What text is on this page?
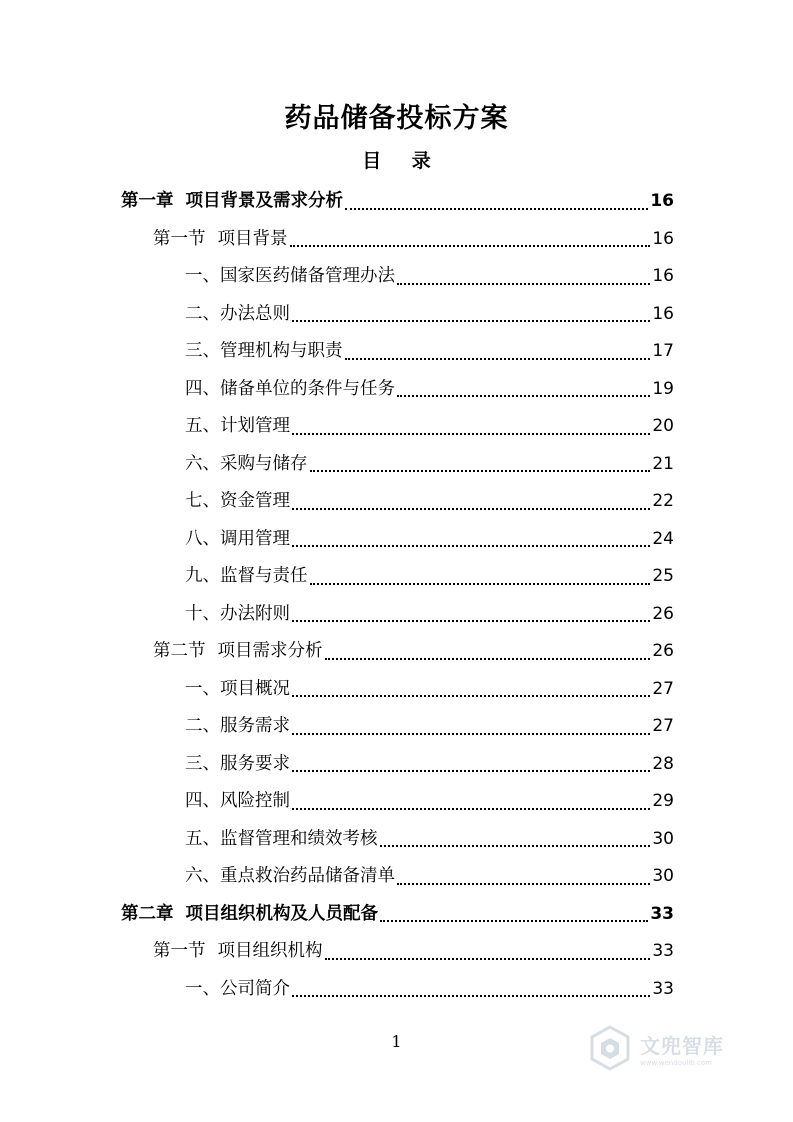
药品储备投标方案
目 录
第一章 项目背景及需求分析	16
第一节 项目背景	16
一、 国家医药储备管理办法	16
二、 办法总则	16
三、 管理机构与职责	17
四、 储备单位的条件与任务	19
五、 计划管理	20
六、 采购与储存	21
七、 资金管理	22
八、 调用管理	24
九、 监督与责任	25
十、 办法附则	26
第二节 项目需求分析	26
一、 项目概况	27
二、 服务需求	27
三、 服务要求	28
四、 风险控制	29
五、 监督管理和绩效考核	30
六、 重点救治药品储备清单	30
第二章 项目组织机构及人员配备	33
第一节 项目组织机构	33
一、 公司简介	33
1	文兜智库
www.wendoulib.com
